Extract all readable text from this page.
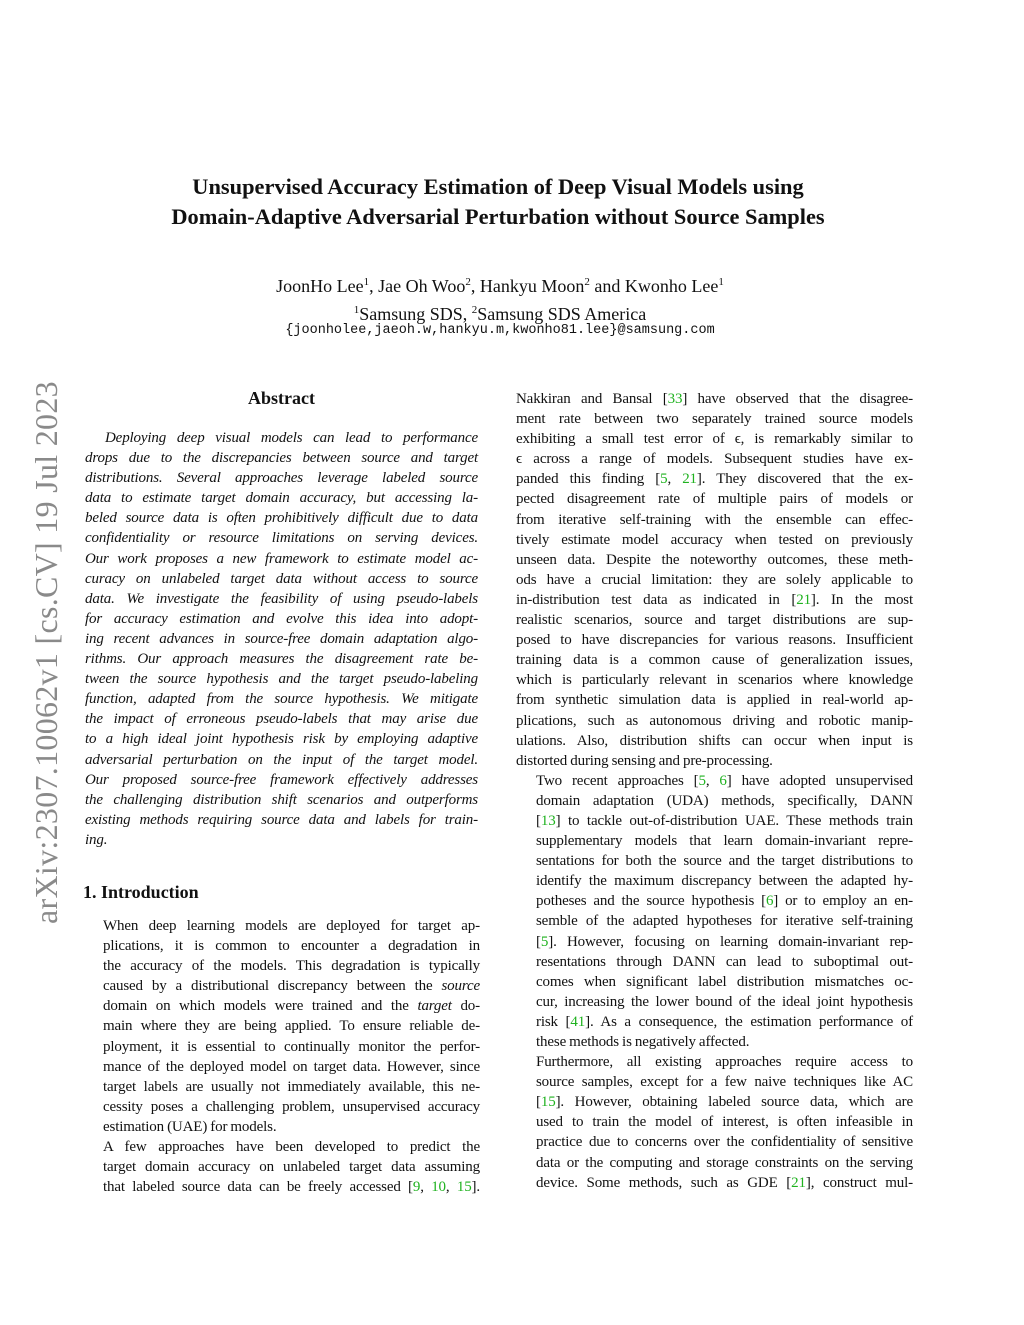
arXiv:2307.10062v1 [cs.CV] 19 Jul 2023
Unsupervised Accuracy Estimation of Deep Visual Models using
Domain-Adaptive Adversarial Perturbation without Source Samples
JoonHo Lee$^1$, Jae Oh Woo$^2$, Hankyu Moon$^2$ and Kwonho Lee$^1$
$^1$Samsung SDS, $^2$Samsung SDS America
{joonholee,jaeoh.w,hankyu.m,kwonho81.lee}@samsung.com
Abstract

Deploying deep visual models can lead to performance
drops due to the discrepancies between source and target
distributions. Several approaches leverage labeled source
data to estimate target domain accuracy, but accessing la-
beled source data is often prohibitively difficult due to data
confidentiality or resource limitations on serving devices.
Our work proposes a new framework to estimate model ac-
curacy on unlabeled target data without access to source
data. We investigate the feasibility of using pseudo-labels
for accuracy estimation and evolve this idea into adopt-
ing recent advances in source-free domain adaptation algo-
rithms. Our approach measures the disagreement rate be-
tween the source hypothesis and the target pseudo-labeling
function, adapted from the source hypothesis. We mitigate
the impact of erroneous pseudo-labels that may arise due
to a high ideal joint hypothesis risk by employing adaptive
adversarial perturbation on the input of the target model.
Our proposed source-free framework effectively addresses
the challenging distribution shift scenarios and outperforms
existing methods requiring source data and labels for train-
ing.

1. Introduction

When deep learning models are deployed for target ap-
plications, it is common to encounter a degradation in
the accuracy of the models. This degradation is typically
caused by a distributional discrepancy between the source
domain on which models were trained and the target do-
main where they are being applied. To ensure reliable de-
ployment, it is essential to continually monitor the perfor-
mance of the deployed model on target data. However, since
target labels are usually not immediately available, this ne-
cessity poses a challenging problem, unsupervised accuracy
estimation (UAE) for models.

A few approaches have been developed to predict the
target domain accuracy on unlabeled target data assuming
that labeled source data can be freely accessed [9, 10, 15].

Nakkiran and Bansal [33] have observed that the disagree-
ment rate between two separately trained source models
exhibiting a small test error of ϵ, is remarkably similar to
ϵ across a range of models. Subsequent studies have ex-
panded this finding [5, 21]. They discovered that the ex-
pected disagreement rate of multiple pairs of models or
from iterative self-training with the ensemble can effec-
tively estimate model accuracy when tested on previously
unseen data. Despite the noteworthy outcomes, these meth-
ods have a crucial limitation: they are solely applicable to
in-distribution test data as indicated in [21]. In the most
realistic scenarios, source and target distributions are sup-
posed to have discrepancies for various reasons. Insufficient
training data is a common cause of generalization issues,
which is particularly relevant in scenarios where knowledge
from synthetic simulation data is applied in real-world ap-
plications, such as autonomous driving and robotic manip-
ulations. Also, distribution shifts can occur when input is
distorted during sensing and pre-processing.

Two recent approaches [5, 6] have adopted unsupervised
domain adaptation (UDA) methods, specifically, DANN
[13] to tackle out-of-distribution UAE. These methods train
supplementary models that learn domain-invariant repre-
sentations for both the source and the target distributions to
identify the maximum discrepancy between the adapted hy-
potheses and the source hypothesis [6] or to employ an en-
semble of the adapted hypotheses for iterative self-training
[5]. However, focusing on learning domain-invariant rep-
resentations through DANN can lead to suboptimal out-
comes when significant label distribution mismatches oc-
cur, increasing the lower bound of the ideal joint hypothesis
risk [41]. As a consequence, the estimation performance of
these methods is negatively affected.

Furthermore, all existing approaches require access to
source samples, except for a few naive techniques like AC
[15]. However, obtaining labeled source data, which are
used to train the model of interest, is often infeasible in
practice due to concerns over the confidentiality of sensitive
data or the computing and storage constraints on the serving
device. Some methods, such as GDE [21], construct mul-
